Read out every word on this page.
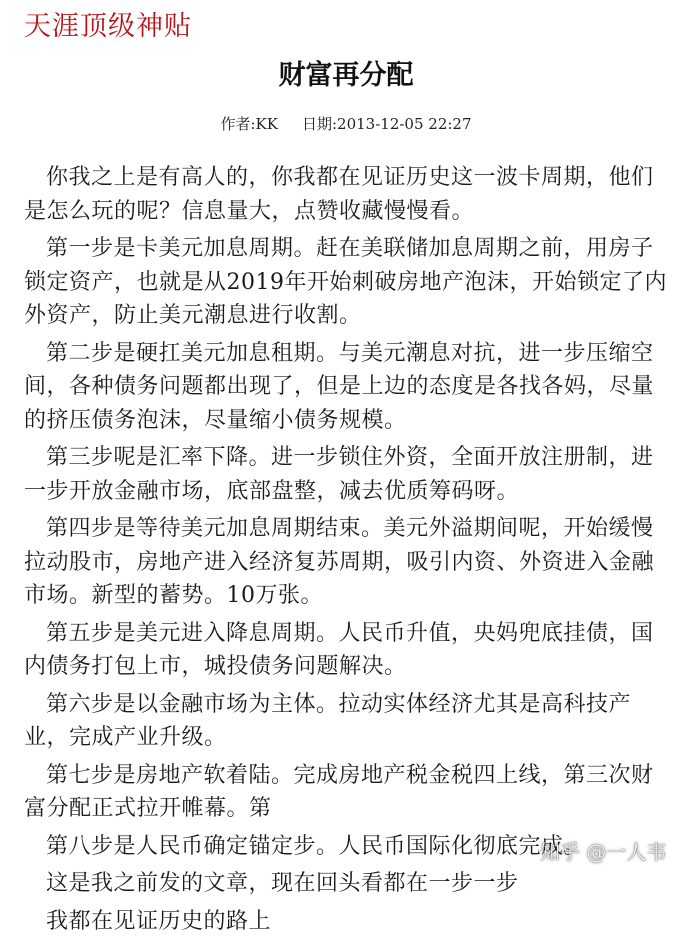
天涯顶级神贴
财富再分配
作者:KK 日期:2013-12-05 22:27

你我之上是有高人的，你我都在见证历史这一波卡周期，他们是怎么玩的呢？信息量大，点赞收藏慢慢看。

第一步是卡美元加息周期。赶在美联储加息周期之前，用房子锁定资产，也就是从2019年开始刺破房地产泡沫，开始锁定了内外资产，防止美元潮息进行收割。

第二步是硬扛美元加息租期。与美元潮息对抗，进一步压缩空间，各种债务问题都出现了，但是上边的态度是各找各妈，尽量的挤压债务泡沫，尽量缩小债务规模。

第三步呢是汇率下降。进一步锁住外资，全面开放注册制，进一步开放金融市场，底部盘整，减去优质筹码呀。

第四步是等待美元加息周期结束。美元外溢期间呢，开始缓慢拉动股市，房地产进入经济复苏周期，吸引内资、外资进入金融市场。新型的蓄势。10万张。

第五步是美元进入降息周期。人民币升值，央妈兜底挂债，国内债务打包上市，城投债务问题解决。

第六步是以金融市场为主体。拉动实体经济尤其是高科技产业，完成产业升级。

第七步是房地产软着陆。完成房地产税金税四上线，第三次财富分配正式拉开帷幕。第

第八步是人民币确定锚定步。人民币国际化彻底完成。

这是我之前发的文章，现在回头看都在一步一步

我都在见证历史的路上

知乎 @一人韦
